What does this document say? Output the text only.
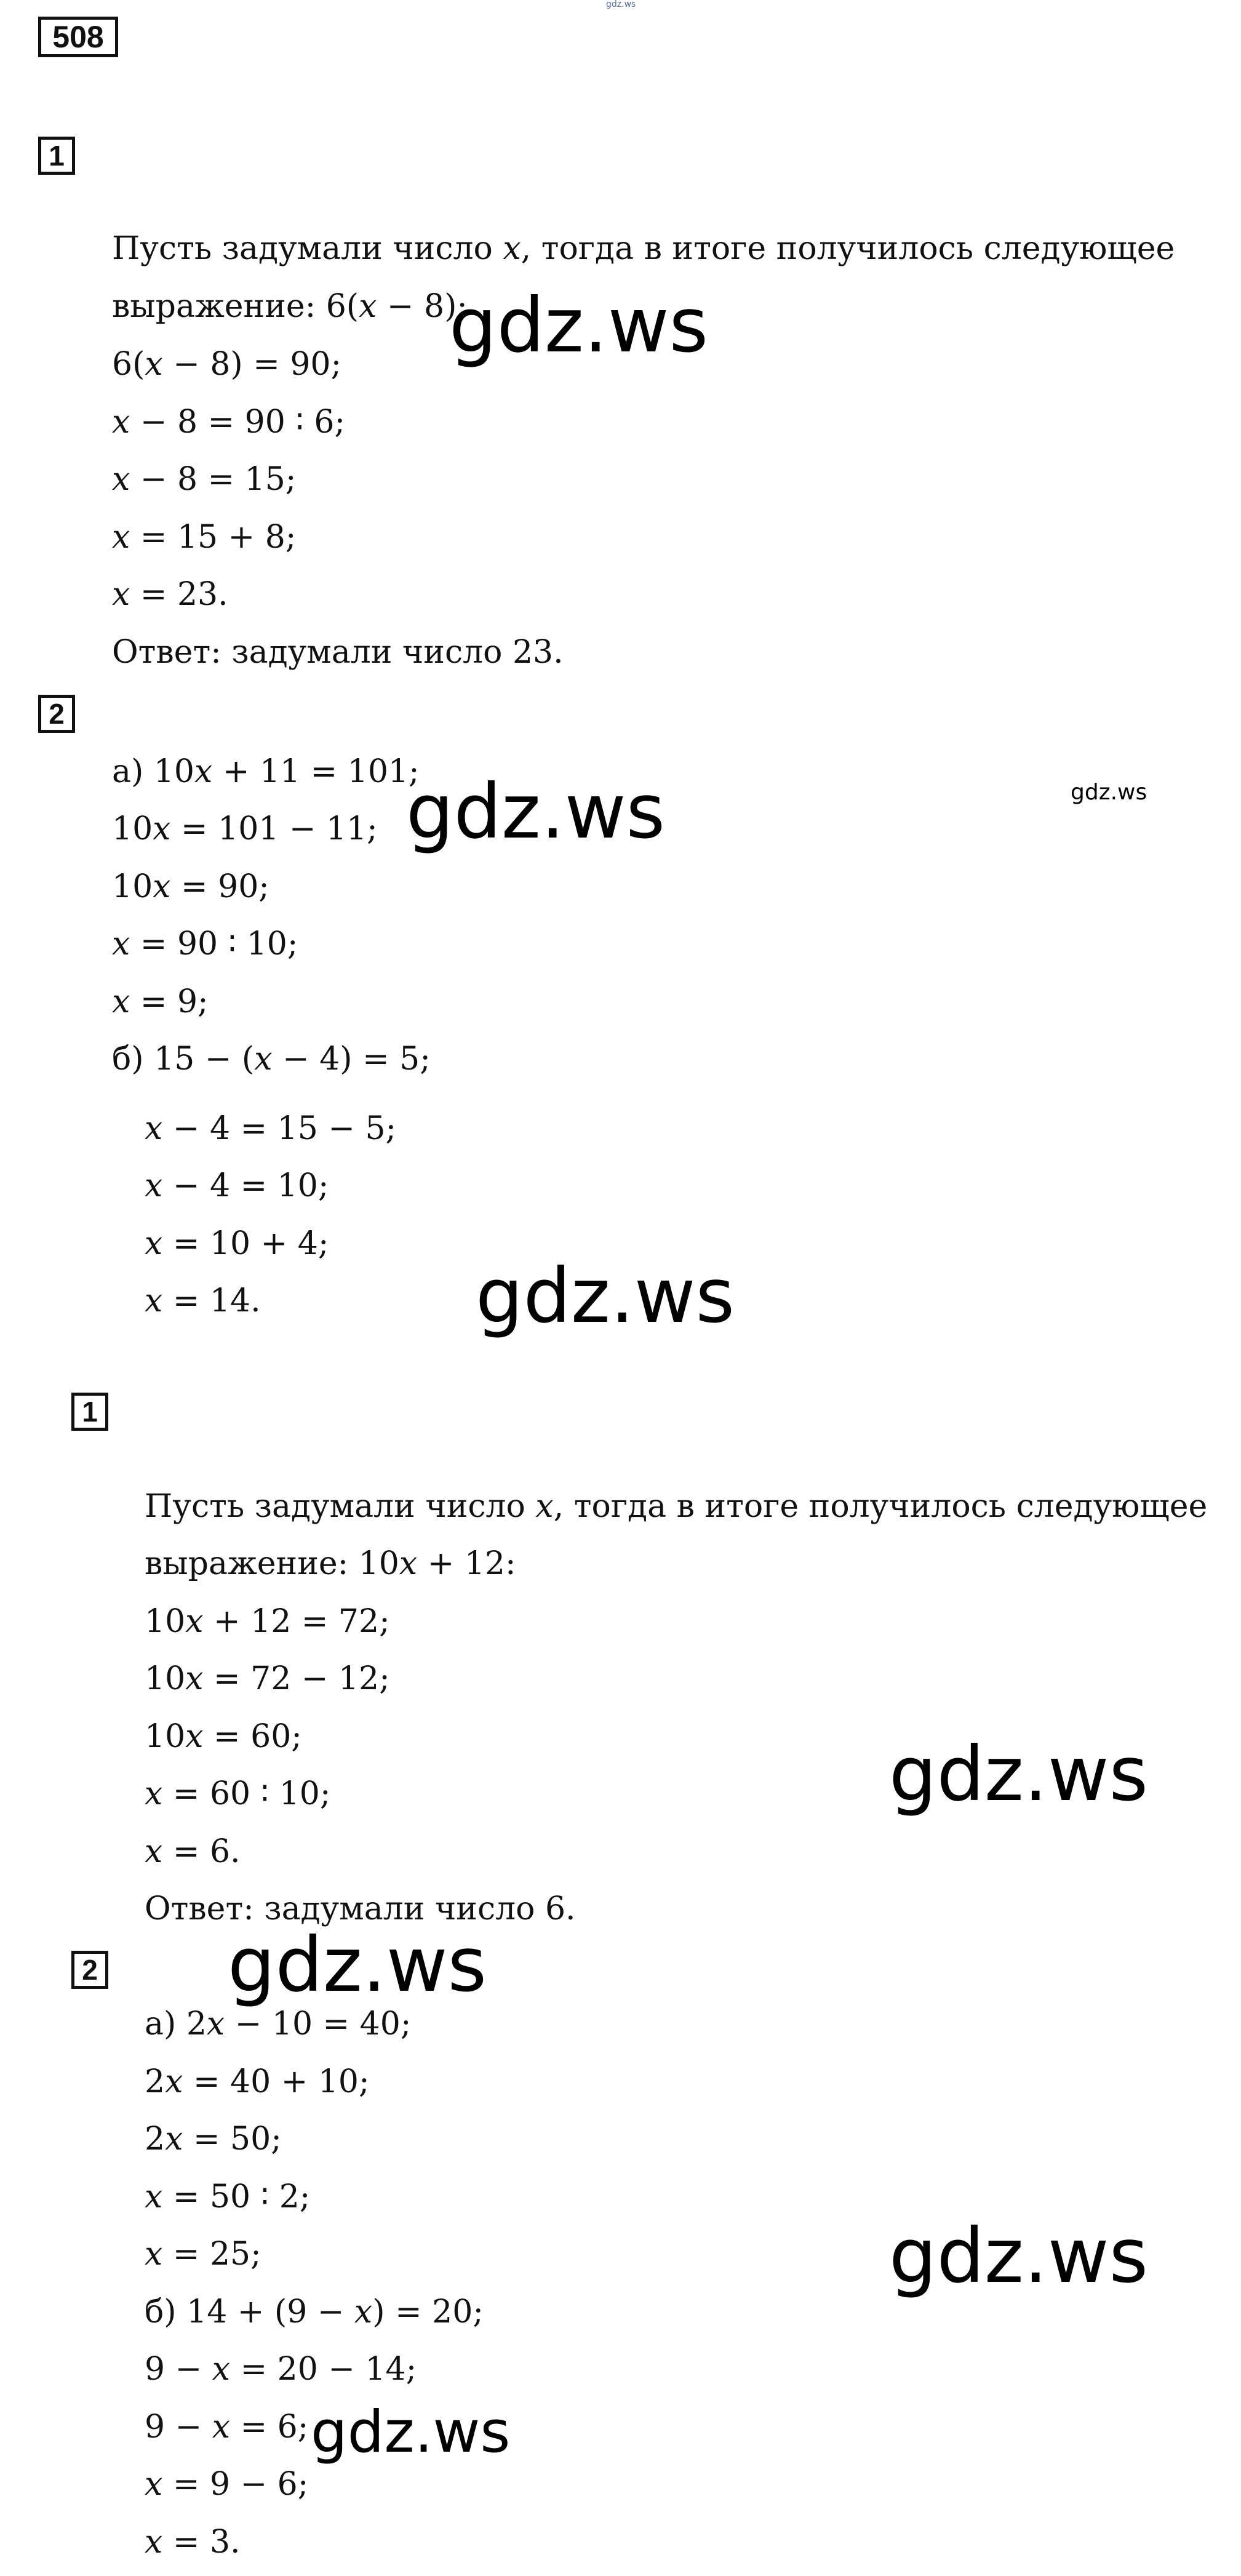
gdz.ws
508
1
Пусть задумали число 𝑥, тогда в итоге получилось следующее
выражение: 6(𝑥 − 8):
6(𝑥 − 8) = 90;
𝑥 − 8 = 90 ∶ 6;
𝑥 − 8 = 15;
𝑥 = 15 + 8;
𝑥 = 23.
Ответ: задумали число 23.
2
а) 10𝑥 + 11 = 101;
10𝑥 = 101 − 11;
10𝑥 = 90;
𝑥 = 90 ∶ 10;
𝑥 = 9;
б) 15 − (𝑥 − 4) = 5;
𝑥 − 4 = 15 − 5;
𝑥 − 4 = 10;
𝑥 = 10 + 4;
𝑥 = 14.
1
Пусть задумали число 𝑥, тогда в итоге получилось следующее
выражение: 10𝑥 + 12:
10𝑥 + 12 = 72;
10𝑥 = 72 − 12;
10𝑥 = 60;
𝑥 = 60 ∶ 10;
𝑥 = 6.
Ответ: задумали число 6.
2
а) 2𝑥 − 10 = 40;
2𝑥 = 40 + 10;
2𝑥 = 50;
𝑥 = 50 ∶ 2;
𝑥 = 25;
б) 14 + (9 − 𝑥) = 20;
9 − 𝑥 = 20 − 14;
9 − 𝑥 = 6;
𝑥 = 9 − 6;
𝑥 = 3.
gdz.ws
gdz.ws	gdz.ws
gdz.ws
gdz.ws
gdz.ws
gdz.ws
gdz.ws
